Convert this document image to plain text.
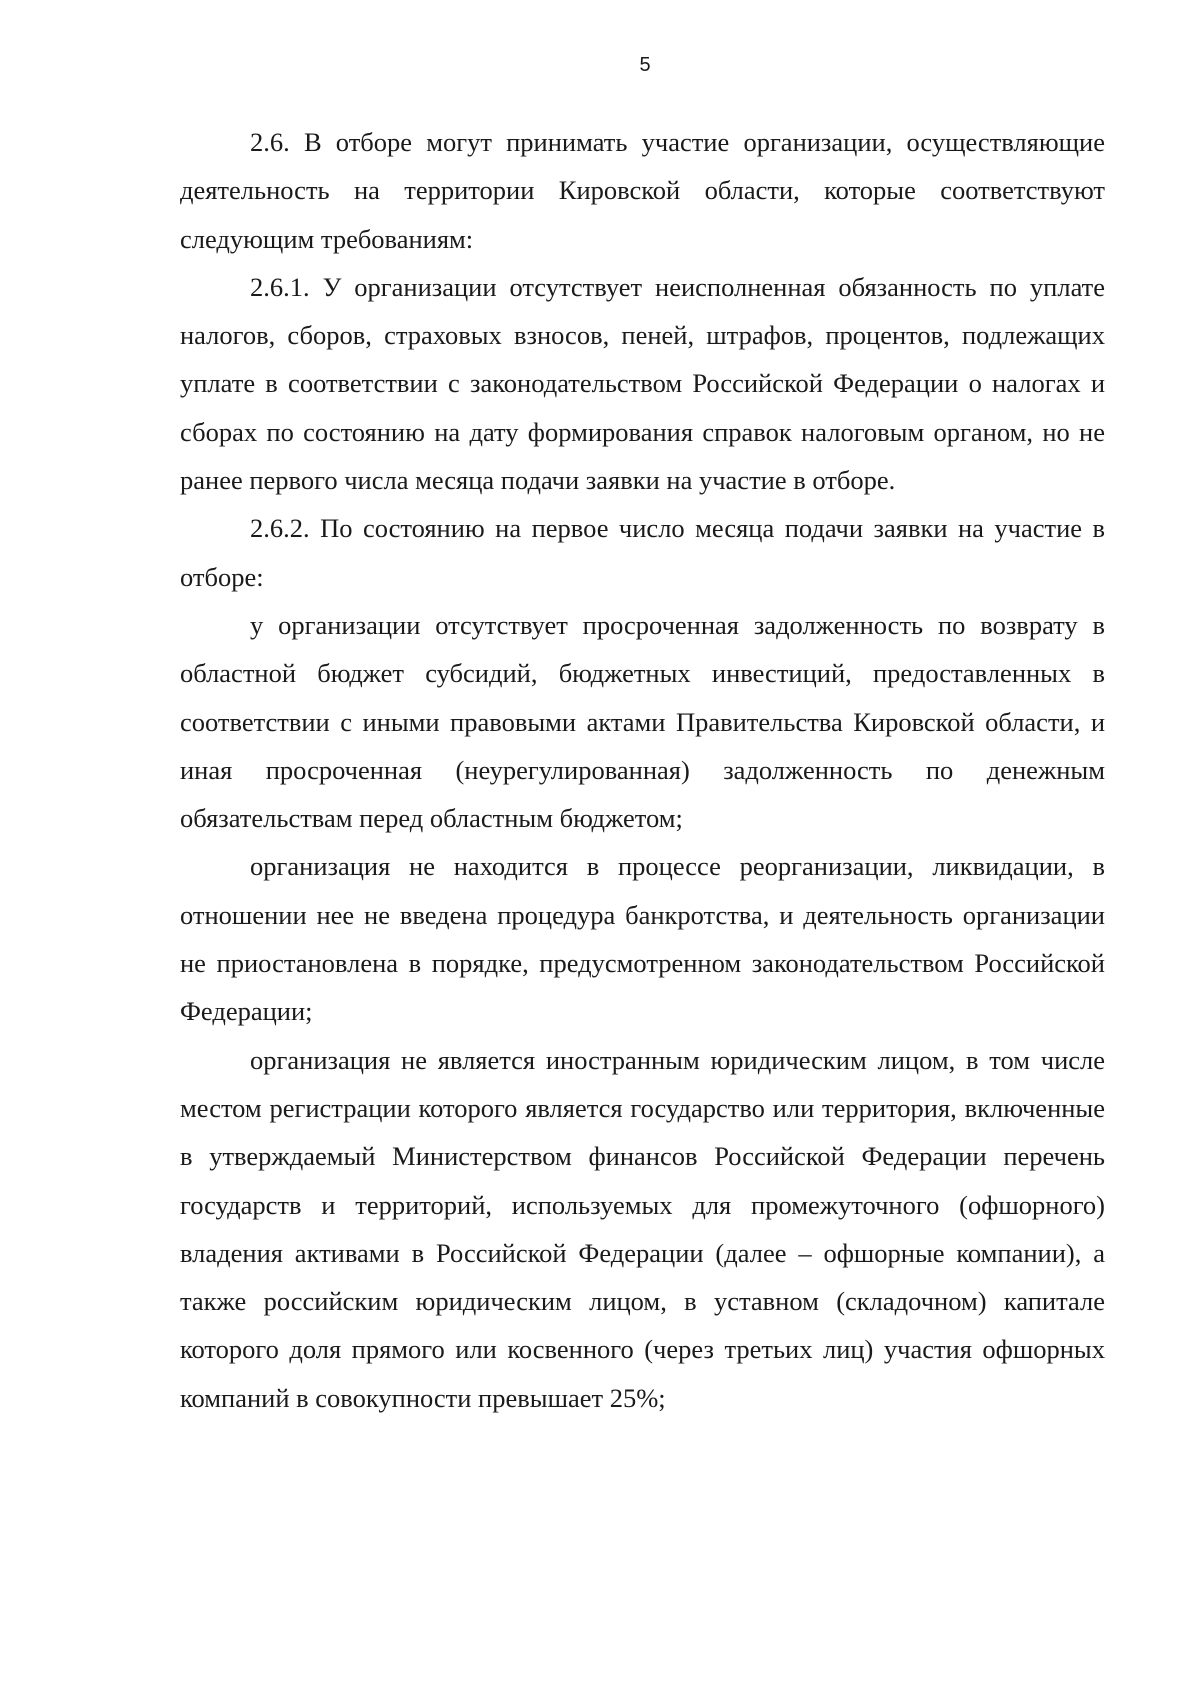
5

2.6. В отборе могут принимать участие организации, осуществляющие деятельность на территории Кировской области, которые соответствуют следующим требованиям:

2.6.1. У организации отсутствует неисполненная обязанность по уплате налогов, сборов, страховых взносов, пеней, штрафов, процентов, подлежащих уплате в соответствии с законодательством Российской Федерации о налогах и сборах по состоянию на дату формирования справок налоговым органом, но не ранее первого числа месяца подачи заявки на участие в отборе.

2.6.2. По состоянию на первое число месяца подачи заявки на участие в отборе:

у организации отсутствует просроченная задолженность по возврату в областной бюджет субсидий, бюджетных инвестиций, предоставленных в соответствии с иными правовыми актами Правительства Кировской области, и иная просроченная (неурегулированная) задолженность по денежным обязательствам перед областным бюджетом;

организация не находится в процессе реорганизации, ликвидации, в отношении нее не введена процедура банкротства, и деятельность организации не приостановлена в порядке, предусмотренном законодательством Российской Федерации;

организация не является иностранным юридическим лицом, в том числе местом регистрации которого является государство или территория, включенные в утверждаемый Министерством финансов Российской Федерации перечень государств и территорий, используемых для промежуточного (офшорного) владения активами в Российской Федерации (далее – офшорные компании), а также российским юридическим лицом, в уставном (складочном) капитале которого доля прямого или косвенного (через третьих лиц) участия офшорных компаний в совокупности превышает 25%;
